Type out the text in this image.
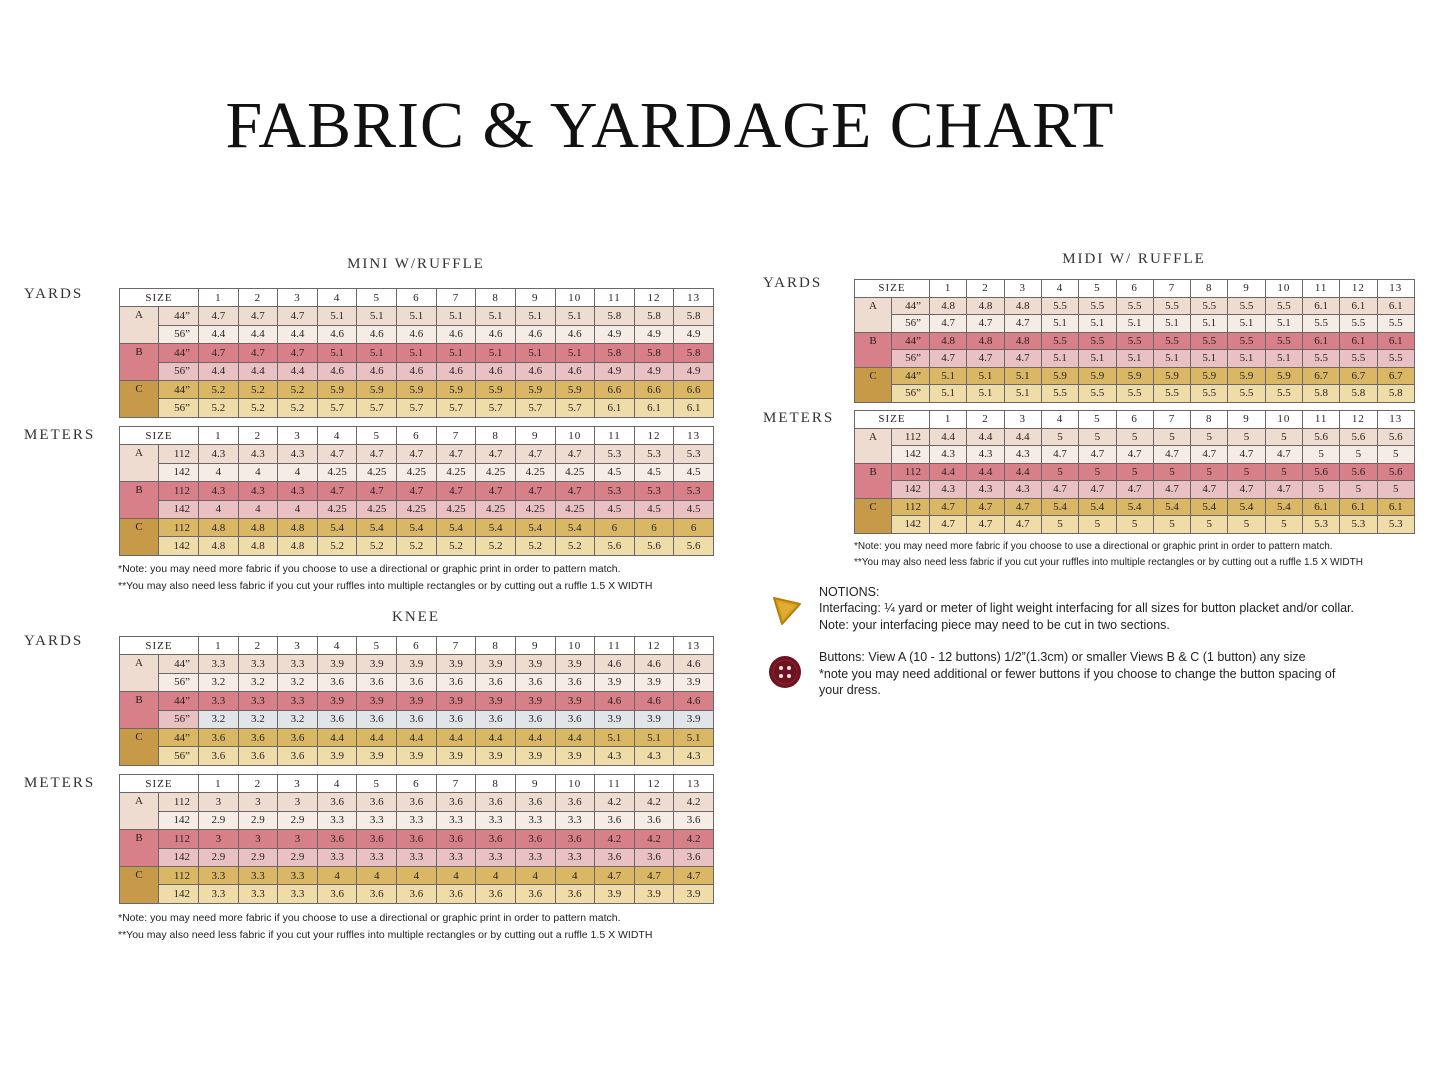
FABRIC & YARDAGE CHART
MINI W/RUFFLE
YARDS	SIZE		1	2	3	4	5	6	7	8	9	10	11	12	13
A	44”	4.7	4.7	4.7	5.1	5.1	5.1	5.1	5.1	5.1	5.1	5.8	5.8	5.8
	56”	4.4	4.4	4.4	4.6	4.6	4.6	4.6	4.6	4.6	4.6	4.9	4.9	4.9
B	44”	4.7	4.7	4.7	5.1	5.1	5.1	5.1	5.1	5.1	5.1	5.8	5.8	5.8
	56”	4.4	4.4	4.4	4.6	4.6	4.6	4.6	4.6	4.6	4.6	4.9	4.9	4.9
C	44”	5.2	5.2	5.2	5.9	5.9	5.9	5.9	5.9	5.9	5.9	6.6	6.6	6.6
	56”	5.2	5.2	5.2	5.7	5.7	5.7	5.7	5.7	5.7	5.7	6.1	6.1	6.1
METERS	SIZE		1	2	3	4	5	6	7	8	9	10	11	12	13
A	112	4.3	4.3	4.3	4.7	4.7	4.7	4.7	4.7	4.7	4.7	5.3	5.3	5.3
	142	4	4	4	4.25	4.25	4.25	4.25	4.25	4.25	4.25	4.5	4.5	4.5
B	112	4.3	4.3	4.3	4.7	4.7	4.7	4.7	4.7	4.7	4.7	5.3	5.3	5.3
	142	4	4	4	4.25	4.25	4.25	4.25	4.25	4.25	4.25	4.5	4.5	4.5
C	112	4.8	4.8	4.8	5.4	5.4	5.4	5.4	5.4	5.4	5.4	6	6	6
	142	4.8	4.8	4.8	5.2	5.2	5.2	5.2	5.2	5.2	5.2	5.6	5.6	5.6
*Note: you may need more fabric if you choose to use a directional or graphic print in order to pattern match.
**You may also need less fabric if you cut your ruffles into multiple rectangles or by cutting out a ruffle 1.5 X WIDTH
KNEE
YARDS	SIZE		1	2	3	4	5	6	7	8	9	10	11	12	13
A	44”	3.3	3.3	3.3	3.9	3.9	3.9	3.9	3.9	3.9	3.9	4.6	4.6	4.6
	56”	3.2	3.2	3.2	3.6	3.6	3.6	3.6	3.6	3.6	3.6	3.9	3.9	3.9
B	44”	3.3	3.3	3.3	3.9	3.9	3.9	3.9	3.9	3.9	3.9	4.6	4.6	4.6
	56”	3.2	3.2	3.2	3.6	3.6	3.6	3.6	3.6	3.6	3.6	3.9	3.9	3.9
C	44”	3.6	3.6	3.6	4.4	4.4	4.4	4.4	4.4	4.4	4.4	5.1	5.1	5.1
	56”	3.6	3.6	3.6	3.9	3.9	3.9	3.9	3.9	3.9	3.9	4.3	4.3	4.3
METERS	SIZE		1	2	3	4	5	6	7	8	9	10	11	12	13
A	112	3	3	3	3.6	3.6	3.6	3.6	3.6	3.6	3.6	4.2	4.2	4.2
	142	2.9	2.9	2.9	3.3	3.3	3.3	3.3	3.3	3.3	3.3	3.6	3.6	3.6
B	112	3	3	3	3.6	3.6	3.6	3.6	3.6	3.6	3.6	4.2	4.2	4.2
	142	2.9	2.9	2.9	3.3	3.3	3.3	3.3	3.3	3.3	3.3	3.6	3.6	3.6
C	112	3.3	3.3	3.3	4	4	4	4	4	4	4	4.7	4.7	4.7
	142	3.3	3.3	3.3	3.6	3.6	3.6	3.6	3.6	3.6	3.6	3.9	3.9	3.9
*Note: you may need more fabric if you choose to use a directional or graphic print in order to pattern match.
**You may also need less fabric if you cut your ruffles into multiple rectangles or by cutting out a ruffle 1.5 X WIDTH
MIDI W/ RUFFLE
YARDS	SIZE		1	2	3	4	5	6	7	8	9	10	11	12	13
A	44”	4.8	4.8	4.8	5.5	5.5	5.5	5.5	5.5	5.5	5.5	6.1	6.1	6.1
	56”	4.7	4.7	4.7	5.1	5.1	5.1	5.1	5.1	5.1	5.1	5.5	5.5	5.5
B	44”	4.8	4.8	4.8	5.5	5.5	5.5	5.5	5.5	5.5	5.5	6.1	6.1	6.1
	56”	4.7	4.7	4.7	5.1	5.1	5.1	5.1	5.1	5.1	5.1	5.5	5.5	5.5
C	44”	5.1	5.1	5.1	5.9	5.9	5.9	5.9	5.9	5.9	5.9	6.7	6.7	6.7
	56”	5.1	5.1	5.1	5.5	5.5	5.5	5.5	5.5	5.5	5.5	5.8	5.8	5.8
METERS	SIZE		1	2	3	4	5	6	7	8	9	10	11	12	13
A	112	4.4	4.4	4.4	5	5	5	5	5	5	5	5.6	5.6	5.6
	142	4.3	4.3	4.3	4.7	4.7	4.7	4.7	4.7	4.7	4.7	5	5	5
B	112	4.4	4.4	4.4	5	5	5	5	5	5	5	5.6	5.6	5.6
	142	4.3	4.3	4.3	4.7	4.7	4.7	4.7	4.7	4.7	4.7	5	5	5
C	112	4.7	4.7	4.7	5.4	5.4	5.4	5.4	5.4	5.4	5.4	6.1	6.1	6.1
	142	4.7	4.7	4.7	5	5	5	5	5	5	5	5.3	5.3	5.3
*Note: you may need more fabric if you choose to use a directional or graphic print in order to pattern match.
**You may also need less fabric if you cut your ruffles into multiple rectangles or by cutting out a ruffle 1.5 X WIDTH
NOTIONS:
Interfacing: ¼ yard or meter of light weight interfacing for all sizes for button placket and/or collar.
Note: your interfacing piece may need to be cut in two sections.
Buttons: View A (10 - 12 buttons) 1/2”(1.3cm) or smaller Views B & C (1 button) any size
*note you may need additional or fewer buttons if you choose to change the button spacing of
your dress.
